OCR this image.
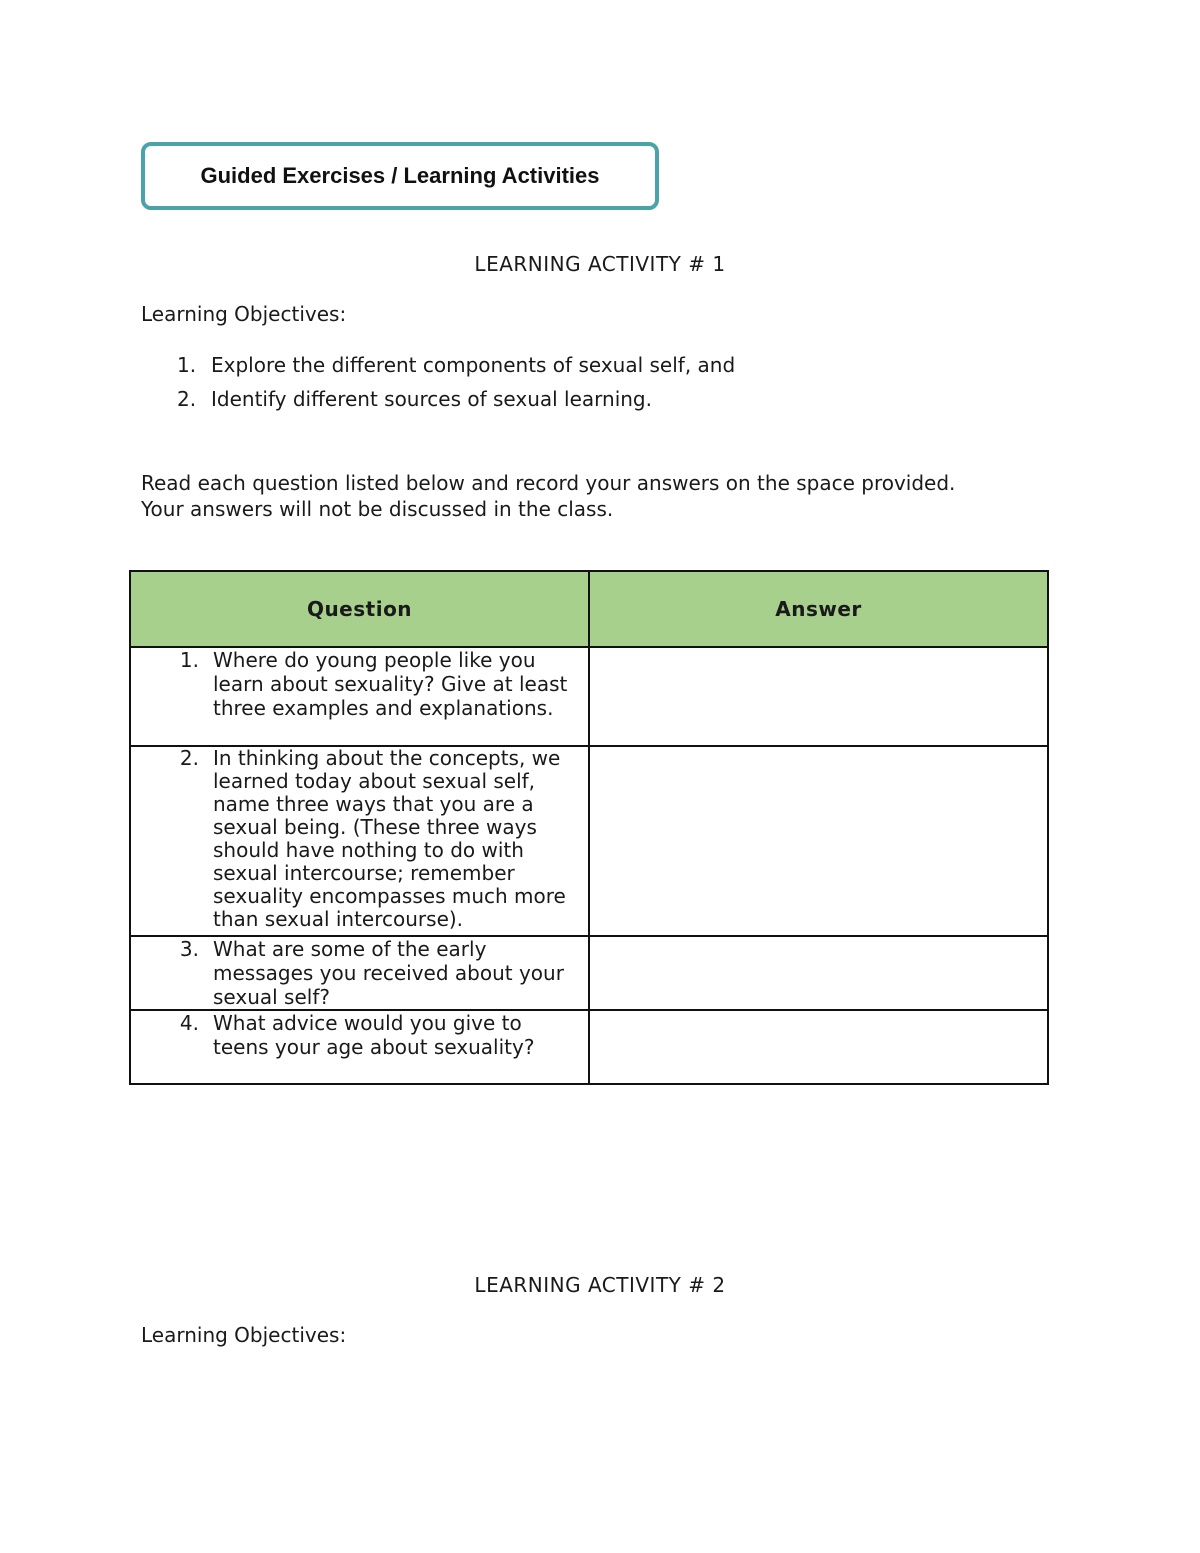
Guided Exercises / Learning Activities
LEARNING ACTIVITY # 1
Learning Objectives:
1. Explore the different components of sexual self, and
2. Identify different sources of sexual learning.
Read each question listed below and record your answers on the space provided.
Your answers will not be discussed in the class.
Question	Answer

1. Where do young people like you learn about sexuality? Give at least three examples and explanations.	

2. In thinking about the concepts, we learned today about sexual self, name three ways that you are a sexual being. (These three ways should have nothing to do with sexual intercourse; remember sexuality encompasses much more than sexual intercourse).	

3. What are some of the early messages you received about your sexual self?	

4. What advice would you give to teens your age about sexuality?	

LEARNING ACTIVITY # 2
Learning Objectives:
